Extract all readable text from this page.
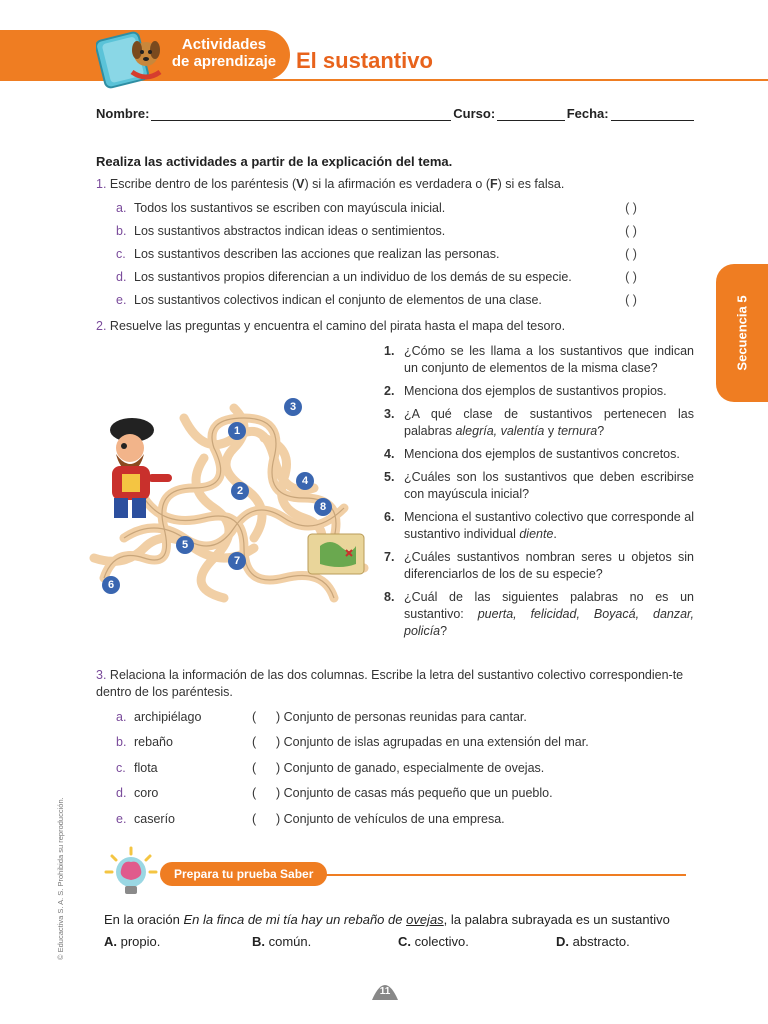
Actividades
de aprendizaje El sustantivo
Nombre:	Curso:	Fecha:
Secuencia 5
Realiza las actividades a partir de la explicación del tema.
1. Escribe dentro de los paréntesis (V) si la afirmación es verdadera o (F) si es falsa.
a. Todos los sustantivos se escriben con mayúscula inicial.	( )
b. Los sustantivos abstractos indican ideas o sentimientos.	( )
c. Los sustantivos describen las acciones que realizan las personas.	( )
d. Los sustantivos propios diferencian a un individuo de los demás de su especie.	( )
e. Los sustantivos colectivos indican el conjunto de elementos de una clase.	( )
2. Resuelve las preguntas y encuentra el camino del pirata hasta el mapa del tesoro.
1
2
3
4
5
6
7
8
1. ¿Cómo se les llama a los sustantivos que indican un conjunto de elementos de la misma clase?
2. Menciona dos ejemplos de sustantivos propios.
3. ¿A qué clase de sustantivos pertenecen las palabras alegría, valentía y ternura?
4. Menciona dos ejemplos de sustantivos concretos.
5. ¿Cuáles son los sustantivos que deben escribirse con mayúscula inicial?
6. Menciona el sustantivo colectivo que corresponde al sustantivo individual diente.
7. ¿Cuáles sustantivos nombran seres u objetos sin diferenciarlos de los de su especie?
8. ¿Cuál de las siguientes palabras no es un sustantivo: puerta, felicidad, Boyacá, danzar, policía?
3. Relaciona la información de las dos columnas. Escribe la letra del sustantivo colectivo correspondien-te dentro de los paréntesis.
a. archipiélago	(	) Conjunto de personas reunidas para cantar.
b. rebaño	(	) Conjunto de islas agrupadas en una extensión del mar.
c. flota	(	) Conjunto de ganado, especialmente de ovejas.
d. coro	(	) Conjunto de casas más pequeño que un pueblo.
e. caserío	(	) Conjunto de vehículos de una empresa.
© Educactiva S. A. S. Prohibida su reproducción.	Prepara tu prueba Saber
En la oración En la finca de mi tía hay un rebaño de ovejas, la palabra subrayada es un sustantivo
A. propio.	B. común.	C. colectivo.	D. abstracto.
11
